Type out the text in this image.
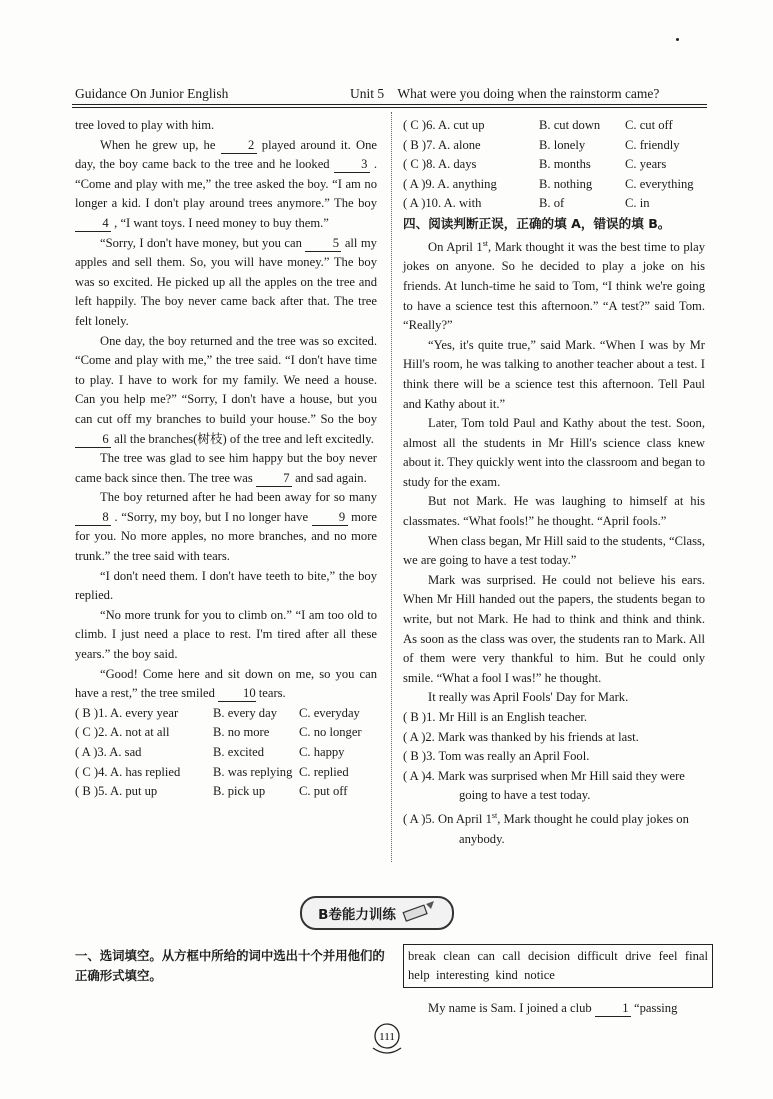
Guidance On Junior English	Unit 5    What were you doing when the rainstorm came?

tree loved to play with him.

When he grew up, he 2 played around it. One day, the boy came back to the tree and he looked 3 . “Come and play with me,” the tree asked the boy. “I am no longer a kid. I don't play around trees anymore.” The boy 4 , “I want toys. I need money to buy them.”

“Sorry, I don't have money, but you can 5 all my apples and sell them. So, you will have money.” The boy was so excited. He picked up all the apples on the tree and left happily. The boy never came back after that. The tree felt lonely.

One day, the boy returned and the tree was so excited. “Come and play with me,” the tree said. “I don't have time to play. I have to work for my family. We need a house. Can you help me?” “Sorry, I don't have a house, but you can cut off my branches to build your house.” So the boy 6 all the branches(树枝) of the tree and left excitedly.

The tree was glad to see him happy but the boy never came back since then. The tree was 7 and sad again.

The boy returned after he had been away for so many 8 . “Sorry, my boy, but I no longer have 9 more for you. No more apples, no more branches, and no more trunk.” the tree said with tears.

“I don't need them. I don't have teeth to bite,” the boy replied.

“No more trunk for you to climb on.” “I am too old to climb. I just need a place to rest. I'm tired after all these years.” the boy said.

“Good! Come here and sit down on me, so you can have a rest,” the tree smiled 10 tears.

( B )1. A. every year	B. every day	C. everyday
( C )2. A. not at all	B. no more	C. no longer
( A )3. A. sad	B. excited	C. happy
( C )4. A. has replied	B. was replying C. replied
( B )5. A. put up	B. pick up	C. put off
( C )6. A. cut up	B. cut down	C. cut off
( B )7. A. alone	B. lonely	C. friendly
( C )8. A. days	B. months	C. years
( A )9. A. anything	B. nothing	C. everything
( A )10. A. with	B. of	C. in
四、阅读判断正误，正确的填 A，错误的填 B。

On April 1st, Mark thought it was the best time to play jokes on anyone. So he decided to play a joke on his friends. At lunch-time he said to Tom, “I think we're going to have a science test this afternoon.” “A test?” said Tom. “Really?”

“Yes, it's quite true,” said Mark. “When I was by Mr Hill's room, he was talking to another teacher about a test. I think there will be a science test this afternoon. Tell Paul and Kathy about it.”

Later, Tom told Paul and Kathy about the test. Soon, almost all the students in Mr Hill's science class knew about it. They quickly went into the classroom and began to study for the exam.

But not Mark. He was laughing to himself at his classmates. “What fools!” he thought. “April fools.”

When class began, Mr Hill said to the students, “Class, we are going to have a test today.”

Mark was surprised. He could not believe his ears. When Mr Hill handed out the papers, the students began to write, but not Mark. He had to think and think and think. As soon as the class was over, the students ran to Mark. All of them were very thankful to him. But he could only smile. “What a fool I was!” he thought.

It really was April Fools' Day for Mark.

( B )1. Mr Hill is an English teacher.

( A )2. Mark was thanked by his friends at last.

( B )3. Tom was really an April Fool.

( A )4. Mark was surprised when Mr Hill said they were going to have a test today.

( A )5. On April 1st, Mark thought he could play jokes on anybody.

B卷能力训练
一、选词填空。从方框中所给的词中选出十个并用他们的正确形式填空。
break  clean  can  call  decision  difficult  drive  feel  final  help  interesting  kind  notice

My name is Sam. I joined a club 1 “passing

111
